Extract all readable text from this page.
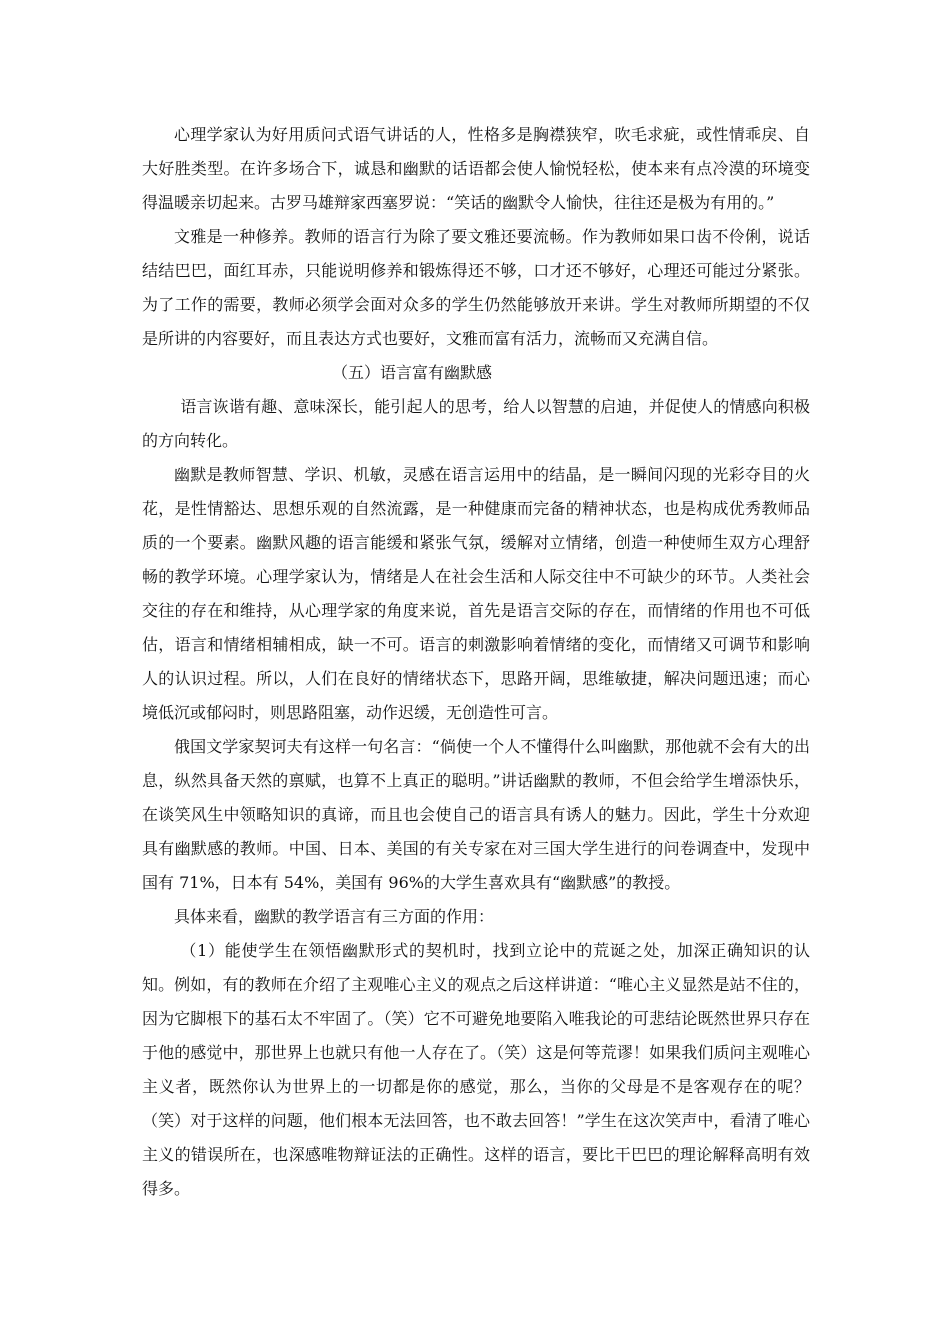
心理学家认为好用质问式语气讲话的人，性格多是胸襟狭窄，吹毛求疵，或性情乖戾、自大好胜类型。在许多场合下，诚恳和幽默的话语都会使人愉悦轻松，使本来有点冷漠的环境变得温暖亲切起来。古罗马雄辩家西塞罗说：“笑话的幽默令人愉快，往往还是极为有用的。”

文雅是一种修养。教师的语言行为除了要文雅还要流畅。作为教师如果口齿不伶俐，说话结结巴巴，面红耳赤，只能说明修养和锻炼得还不够，口才还不够好，心理还可能过分紧张。为了工作的需要，教师必须学会面对众多的学生仍然能够放开来讲。学生对教师所期望的不仅是所讲的内容要好，而且表达方式也要好，文雅而富有活力，流畅而又充满自信。

（五）语言富有幽默感

语言诙谐有趣、意味深长，能引起人的思考，给人以智慧的启迪，并促使人的情感向积极的方向转化。

幽默是教师智慧、学识、机敏，灵感在语言运用中的结晶，是一瞬间闪现的光彩夺目的火花，是性情豁达、思想乐观的自然流露，是一种健康而完备的精神状态，也是构成优秀教师品质的一个要素。幽默风趣的语言能缓和紧张气氛，缓解对立情绪，创造一种使师生双方心理舒畅的教学环境。心理学家认为，情绪是人在社会生活和人际交往中不可缺少的环节。人类社会交往的存在和维持，从心理学家的角度来说，首先是语言交际的存在，而情绪的作用也不可低估，语言和情绪相辅相成，缺一不可。语言的刺激影响着情绪的变化，而情绪又可调节和影响人的认识过程。所以，人们在良好的情绪状态下，思路开阔，思维敏捷，解决问题迅速；而心境低沉或郁闷时，则思路阻塞，动作迟缓，无创造性可言。

俄国文学家契诃夫有这样一句名言：“倘使一个人不懂得什么叫幽默，那他就不会有大的出息，纵然具备天然的禀赋，也算不上真正的聪明。”讲话幽默的教师，不但会给学生增添快乐，在谈笑风生中领略知识的真谛，而且也会使自己的语言具有诱人的魅力。因此，学生十分欢迎具有幽默感的教师。中国、日本、美国的有关专家在对三国大学生进行的问卷调查中，发现中国有 71%，日本有 54%，美国有 96%的大学生喜欢具有“幽默感”的教授。

具体来看，幽默的教学语言有三方面的作用：

（1）能使学生在领悟幽默形式的契机时，找到立论中的荒诞之处，加深正确知识的认知。例如，有的教师在介绍了主观唯心主义的观点之后这样讲道：“唯心主义显然是站不住的，因为它脚根下的基石太不牢固了。（笑）它不可避免地要陷入唯我论的可悲结论既然世界只存在于他的感觉中，那世界上也就只有他一人存在了。（笑）这是何等荒谬！如果我们质问主观唯心主义者，既然你认为世界上的一切都是你的感觉，那么，当你的父母是不是客观存在的呢？（笑）对于这样的问题，他们根本无法回答，也不敢去回答！”学生在这次笑声中，看清了唯心主义的错误所在，也深感唯物辩证法的正确性。这样的语言，要比干巴巴的理论解释高明有效得多。
